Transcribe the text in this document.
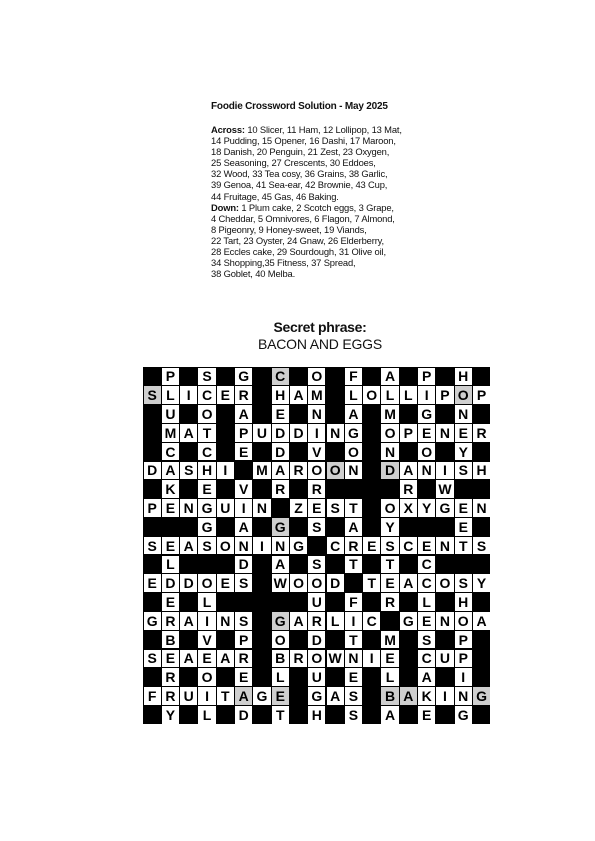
Foodie Crossword Solution - May 2025
Across: 10 Slicer, 11 Ham, 12 Lollipop, 13 Mat,
14 Pudding, 15 Opener, 16 Dashi, 17 Maroon,
18 Danish, 20 Penguin, 21 Zest, 23 Oxygen,
25 Seasoning, 27 Crescents, 30 Eddoes,
32 Wood, 33 Tea cosy, 36 Grains, 38 Garlic,
39 Genoa, 41 Sea-ear, 42 Brownie, 43 Cup,
44 Fruitage, 45 Gas, 46 Baking.
Down: 1 Plum cake, 2 Scotch eggs, 3 Grape,
4 Cheddar, 5 Omnivores, 6 Flagon, 7 Almond,
8 Pigeonry, 9 Honey-sweet, 19 Viands,
22 Tart, 23 Oyster, 24 Gnaw, 26 Elderberry,
28 Eccles cake, 29 Sourdough, 31 Olive oil,
34 Shopping,35 Fitness, 37 Spread,
38 Goblet, 40 Melba.
Secret phrase:
BACON AND EGGS
P S G C O	F	A P H
S L I C E R H A M	L O L L I P O P
U O A E N A M G N
M A T	P U D D I N G O P E N E R
C C E D V O N O Y
D A S H I	M A R O O N D A N I S H
K E V R R	R W
P E N G U I N	Z E S T	O X Y G E N
G A G S A Y	E
S E A S O N I N G C R E S C E N T S
L	D A S	T	T	C
E D D O E S W O O D	T E A C O S Y
E	L	U	F	R	L	H
G R A I N S G A R L I C G E N O A
B V P O D	T	M S P
S E A E A R B R O W N I E C U P
R O E	L	U E	L	A	I
F R U I T A G E G A S B A K I N G
Y	L	D	T	H S A E G
